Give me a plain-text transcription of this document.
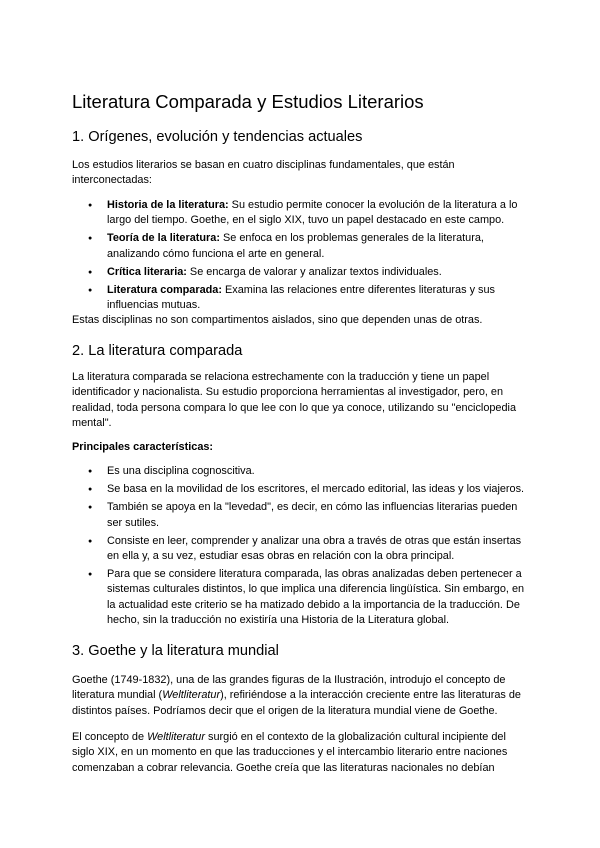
Literatura Comparada y Estudios Literarios
1. Orígenes, evolución y tendencias actuales

Los estudios literarios se basan en cuatro disciplinas fundamentales, que están interconectadas:

● Historia de la literatura: Su estudio permite conocer la evolución de la literatura a lo largo del tiempo. Goethe, en el siglo XIX, tuvo un papel destacado en este campo.
● Teoría de la literatura: Se enfoca en los problemas generales de la literatura, analizando cómo funciona el arte en general.
● Crítica literaria: Se encarga de valorar y analizar textos individuales.
● Literatura comparada: Examina las relaciones entre diferentes literaturas y sus influencias mutuas.

Estas disciplinas no son compartimentos aislados, sino que dependen unas de otras.

2. La literatura comparada

La literatura comparada se relaciona estrechamente con la traducción y tiene un papel identificador y nacionalista. Su estudio proporciona herramientas al investigador, pero, en realidad, toda persona compara lo que lee con lo que ya conoce, utilizando su "enciclopedia mental".

Principales características:
● Es una disciplina cognoscitiva.
● Se basa en la movilidad de los escritores, el mercado editorial, las ideas y los viajeros.
● También se apoya en la "levedad", es decir, en cómo las influencias literarias pueden ser sutiles.
● Consiste en leer, comprender y analizar una obra a través de otras que están insertas en ella y, a su vez, estudiar esas obras en relación con la obra principal.
● Para que se considere literatura comparada, las obras analizadas deben pertenecer a sistemas culturales distintos, lo que implica una diferencia lingüística. Sin embargo, en la actualidad este criterio se ha matizado debido a la importancia de la traducción. De hecho, sin la traducción no existiría una Historia de la Literatura global.
3. Goethe y la literatura mundial

Goethe (1749-1832), una de las grandes figuras de la Ilustración, introdujo el concepto de literatura mundial (Weltliteratur), refiriéndose a la interacción creciente entre las literaturas de distintos países. Podríamos decir que el origen de la literatura mundial viene de Goethe.

El concepto de Weltliteratur surgió en el contexto de la globalización cultural incipiente del siglo XIX, en un momento en que las traducciones y el intercambio literario entre naciones comenzaban a cobrar relevancia. Goethe creía que las literaturas nacionales no debían
